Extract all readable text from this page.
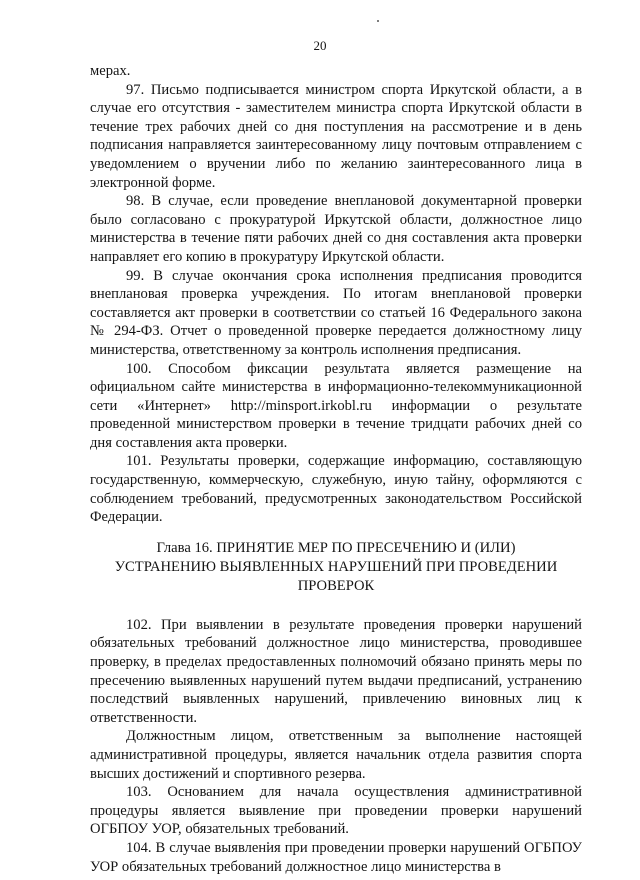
20

мерах.

97. Письмо подписывается министром спорта Иркутской области, а в случае его отсутствия - заместителем министра спорта Иркутской области в течение трех рабочих дней со дня поступления на рассмотрение и в день подписания направляется заинтересованному лицу почтовым отправлением с уведомлением о вручении либо по желанию заинтересованного лица в электронной форме.

98. В случае, если проведение внеплановой документарной проверки было согласовано с прокуратурой Иркутской области, должностное лицо министерства в течение пяти рабочих дней со дня составления акта проверки направляет его копию в прокуратуру Иркутской области.

99. В случае окончания срока исполнения предписания проводится внеплановая проверка учреждения. По итогам внеплановой проверки составляется акт проверки в соответствии со статьей 16 Федерального закона № 294-ФЗ. Отчет о проведенной проверке передается должностному лицу министерства, ответственному за контроль исполнения предписания.

100. Способом фиксации результата является размещение на официальном сайте министерства в информационно-телекоммуникационной сети «Интернет» http://minsport.irkobl.ru информации о результате проведенной министерством проверки в течение тридцати рабочих дней со дня составления акта проверки.

101. Результаты проверки, содержащие информацию, составляющую государственную, коммерческую, служебную, иную тайну, оформляются с соблюдением требований, предусмотренных законодательством Российской Федерации.

Глава 16. ПРИНЯТИЕ МЕР ПО ПРЕСЕЧЕНИЮ И (ИЛИ)
УСТРАНЕНИЮ ВЫЯВЛЕННЫХ НАРУШЕНИЙ ПРИ ПРОВЕДЕНИИ
ПРОВЕРОК

102. При выявлении в результате проведения проверки нарушений обязательных требований должностное лицо министерства, проводившее проверку, в пределах предоставленных полномочий обязано принять меры по пресечению выявленных нарушений путем выдачи предписаний, устранению последствий выявленных нарушений, привлечению виновных лиц к ответственности.

Должностным лицом, ответственным за выполнение настоящей административной процедуры, является начальник отдела развития спорта высших достижений и спортивного резерва.

103. Основанием для начала осуществления административной процедуры является выявление при проведении проверки нарушений ОГБПОУ УОР, обязательных требований.

104. В случае выявления при проведении проверки нарушений ОГБПОУ УОР обязательных требований должностное лицо министерства в
